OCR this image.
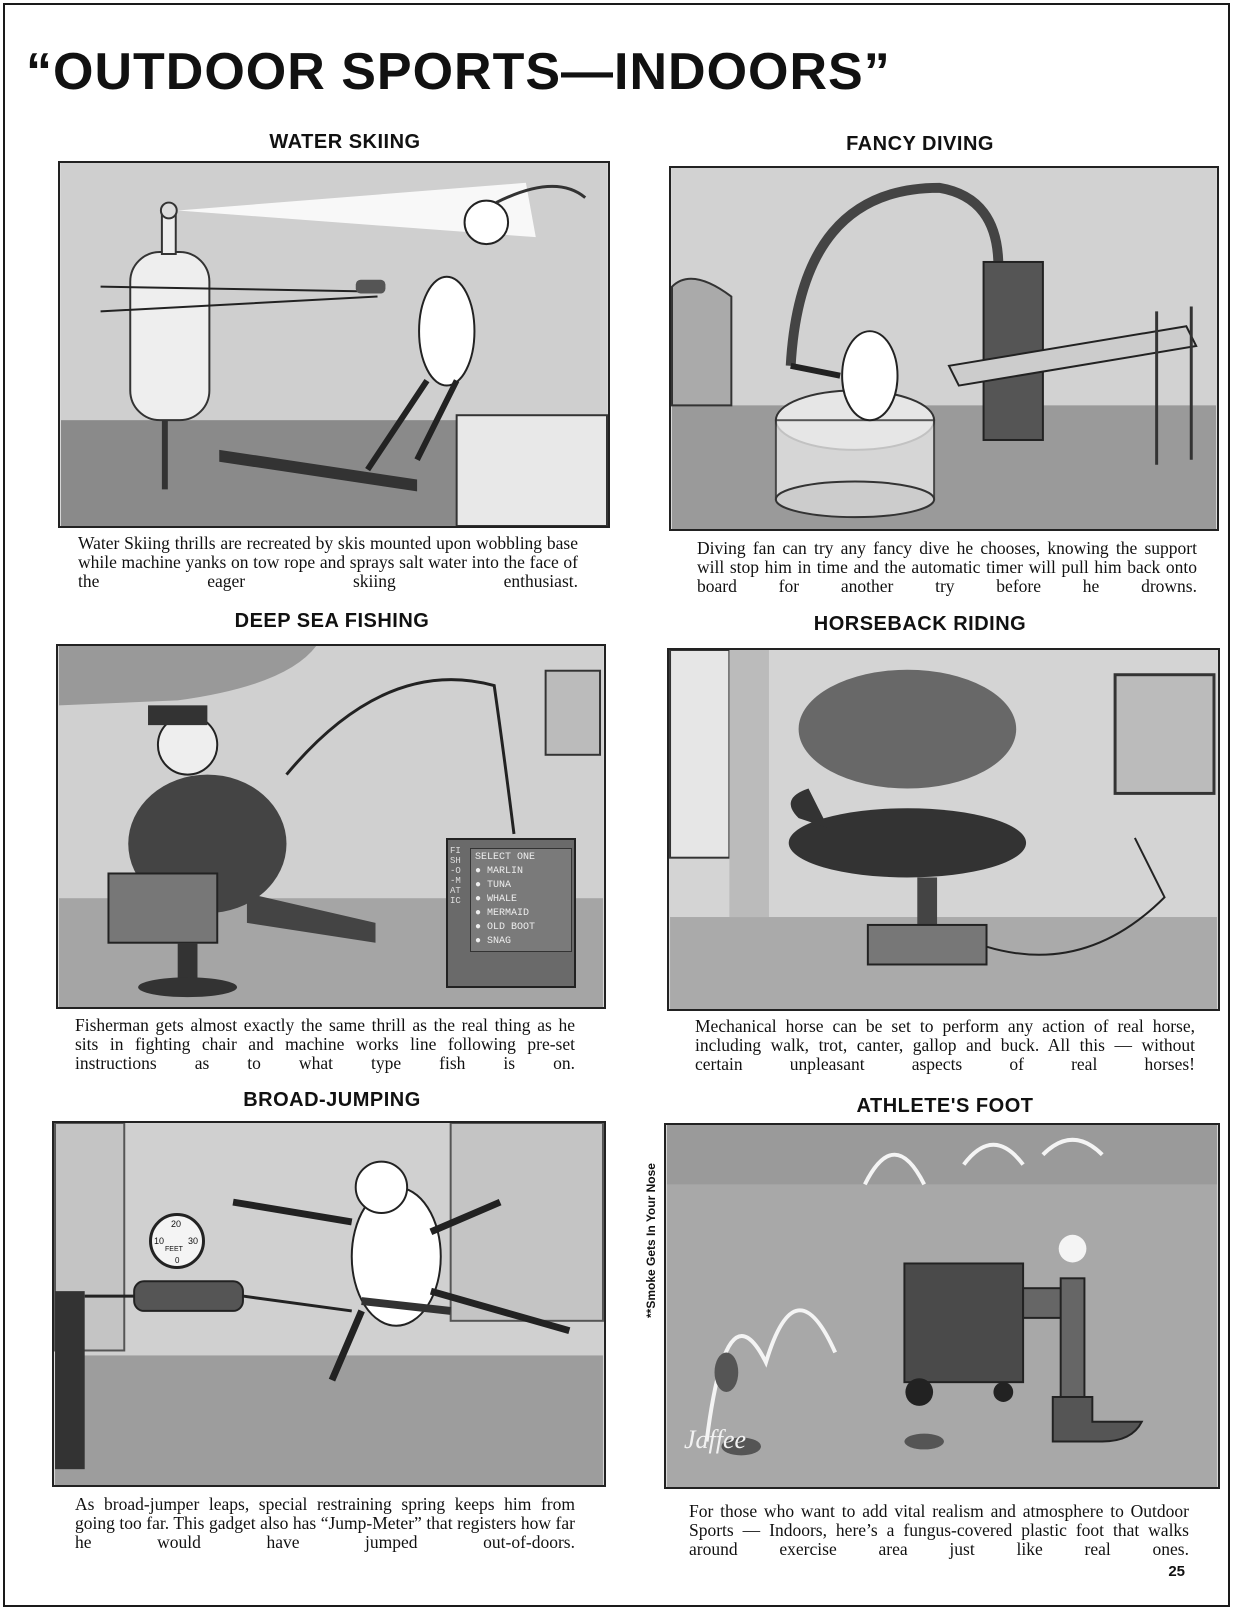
“OUTDOOR SPORTS—INDOORS”
WATER SKIING
Water Skiing thrills are recreated by skis mounted upon wobbling base while machine yanks on tow rope and sprays salt water into the face of the eager skiing enthusiast.
FANCY DIVING
Diving fan can try any fancy dive he chooses, knowing the support will stop him in time and the automatic timer will pull him back onto board for another try before he drowns.
DEEP SEA FISHING
FISH-O-MATIC
SELECT ONE
● MARLIN
● TUNA
● WHALE
● MERMAID
● OLD BOOT
● SNAG
Fisherman gets almost exactly the same thrill as the real thing as he sits in fighting chair and machine works line following pre-set instructions as to what type fish is on.
HORSEBACK RIDING
Mechanical horse can be set to perform any action of real horse, including walk, trot, canter, gallop and buck. All this — without certain unpleasant aspects of real horses!
BROAD-JUMPING
20
10	30
FEET
0
As broad-jumper leaps, special restraining spring keeps him from going too far. This gadget also has “Jump-Meter” that registers how far he would have jumped out-of-doors.
ATHLETE'S FOOT
Jaffee
For those who want to add vital realism and atmosphere to Outdoor Sports — Indoors, here’s a fungus-covered plastic foot that walks around exercise area just like real ones.
**Smoke Gets In Your Nose
25
